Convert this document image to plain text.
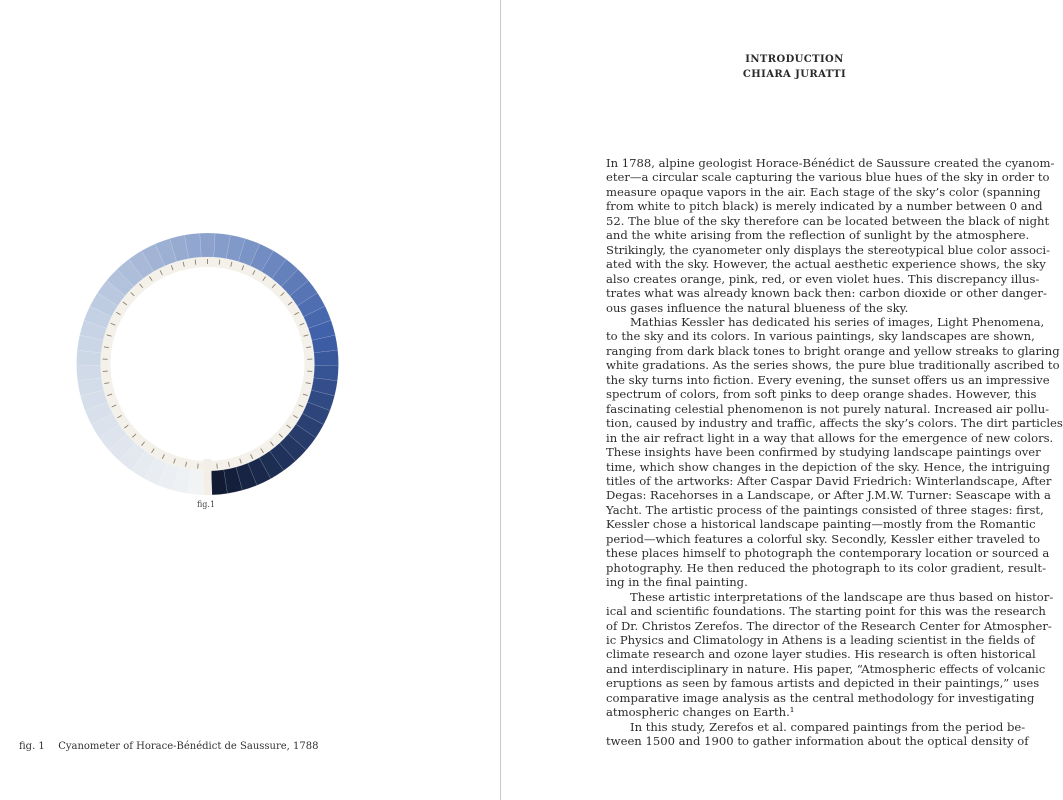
fig.1
fig. 1 Cyanometer of Horace-Bénédict de Saussure, 1788
INTRODUCTION
CHIARA JURATTI
In 1788, alpine geologist Horace-Bénédict de Saussure created the cyanom-
eter—a circular scale capturing the various blue hues of the sky in order to
measure opaque vapors in the air. Each stage of the sky’s color (spanning
from white to pitch black) is merely indicated by a number between 0 and
52. The blue of the sky therefore can be located between the black of night
and the white arising from the reflection of sunlight by the atmosphere.
Strikingly, the cyanometer only displays the stereotypical blue color associ-
ated with the sky. However, the actual aesthetic experience shows, the sky
also creates orange, pink, red, or even violet hues. This discrepancy illus-
trates what was already known back then: carbon dioxide or other danger-
ous gases influence the natural blueness of the sky.
Mathias Kessler has dedicated his series of images, Light Phenomena,
to the sky and its colors. In various paintings, sky landscapes are shown,
ranging from dark black tones to bright orange and yellow streaks to glaring
white gradations. As the series shows, the pure blue traditionally ascribed to
the sky turns into fiction. Every evening, the sunset offers us an impressive
spectrum of colors, from soft pinks to deep orange shades. However, this
fascinating celestial phenomenon is not purely natural. Increased air pollu-
tion, caused by industry and traffic, affects the sky’s colors. The dirt particles
in the air refract light in a way that allows for the emergence of new colors.
These insights have been confirmed by studying landscape paintings over
time, which show changes in the depiction of the sky. Hence, the intriguing
titles of the artworks: After Caspar David Friedrich: Winterlandscape, After
Degas: Racehorses in a Landscape, or After J.M.W. Turner: Seascape with a
Yacht. The artistic process of the paintings consisted of three stages: first,
Kessler chose a historical landscape painting—mostly from the Romantic
period—which features a colorful sky. Secondly, Kessler either traveled to
these places himself to photograph the contemporary location or sourced a
photography. He then reduced the photograph to its color gradient, result-
ing in the final painting.
These artistic interpretations of the landscape are thus based on histor-
ical and scientific foundations. The starting point for this was the research
of Dr. Christos Zerefos. The director of the Research Center for Atmospher-
ic Physics and Climatology in Athens is a leading scientist in the fields of
climate research and ozone layer studies. His research is often historical
and interdisciplinary in nature. His paper, “Atmospheric effects of volcanic
eruptions as seen by famous artists and depicted in their paintings,” uses
comparative image analysis as the central methodology for investigating
atmospheric changes on Earth.¹
In this study, Zerefos et al. compared paintings from the period be-
tween 1500 and 1900 to gather information about the optical density of
